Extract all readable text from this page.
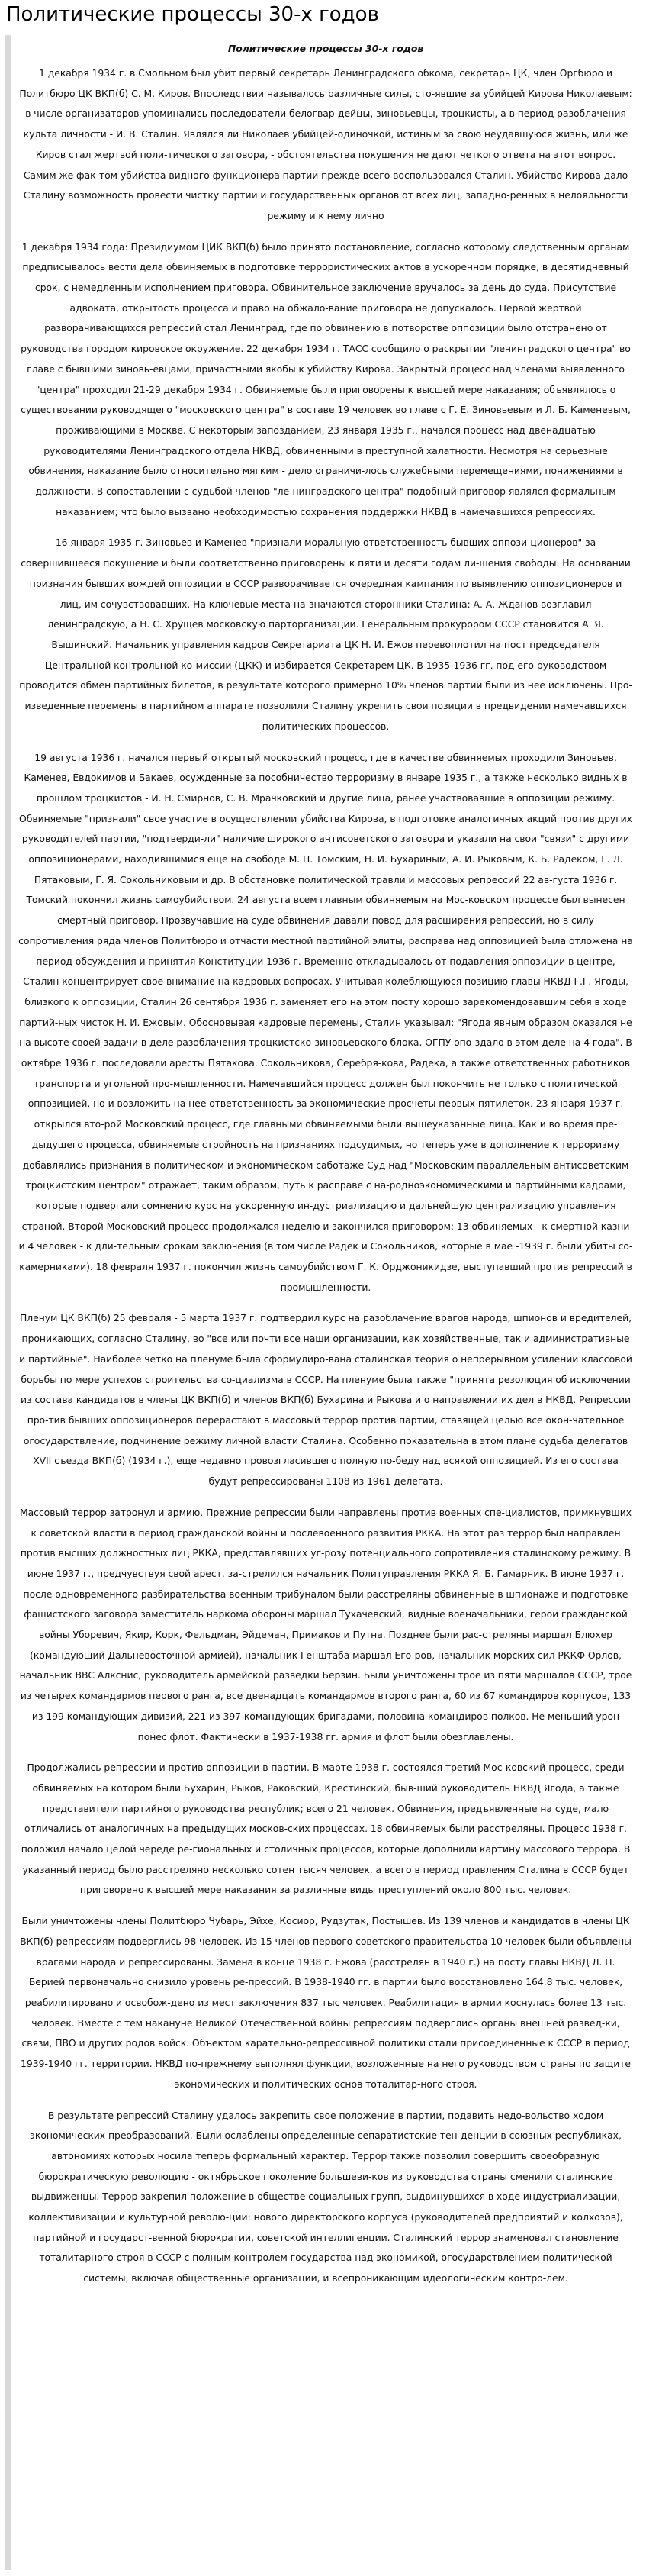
Политические процессы 30-х годов

Политические процессы 30-х годов

1 декабря 1934 г. в Смольном был убит первый секретарь Ленинградского обкома, секретарь ЦК, член Оргбюро и Политбюро ЦК ВКП(б) С. М. Киров. Впоследствии называлось различные силы, сто-явшие за убийцей Кирова Николаевым: в числе организаторов упоминались последователи белогвар-дейцы, зиновьевцы, троцкисты, а в период разоблачения культа личности - И. В. Сталин. Являлся ли Николаев убийцей-одиночкой, истиным за свою неудавшуюся жизнь, или же Киров стал жертвой поли-тического заговора, - обстоятельства покушения не дают четкого ответа на этот вопрос. Самим же фак-том убийства видного функционера партии прежде всего воспользовался Сталин. Убийство Кирова дало Сталину возможность провести чистку партии и государственных органов от всех лиц, западно-ренных в нелояльности режиму и к нему лично

1 декабря 1934 года: Президиумом ЦИК ВКП(б) было принято постановление, согласно которому следственным органам предписывалось вести дела обвиняемых в подготовке террористических актов в ускоренном порядке, в десятидневный срок, с немедленным исполнением приговора. Обвинительное заключение вручалось за день до суда. Присутствие адвоката, открытость процесса и право на обжало-вание приговора не допускалось. Первой жертвой разворачивающихся репрессий стал Ленинград, где по обвинению в потворстве оппозиции было отстранено от руководства городом кировское окружение. 22 декабря 1934 г. ТАСС сообщило о раскрытии "ленинградского центра" во главе с бывшими зиновь-евцами, причастными якобы к убийству Кирова. Закрытый процесс над членами выявленного "центра" проходил 21-29 декабря 1934 г. Обвиняемые были приговорены к высшей мере наказания; объявлялось о существовании руководящего "московского центра" в составе 19 человек во главе с Г. Е. Зиновьевым и Л. Б. Каменевым, проживающими в Москве. С некоторым запозданием, 23 января 1935 г., начался процесс над двенадцатью руководителями Ленинградского отдела НКВД, обвиненными в преступной халатности. Несмотря на серьезные обвинения, наказание было относительно мягким - дело ограничи-лось служебными перемещениями, понижениями в должности. В сопоставлении с судьбой членов "ле-нинградского центра" подобный приговор являлся формальным наказанием; что было вызвано необходимостью сохранения поддержки НКВД в намечавшихся репрессиях.

16 января 1935 г. Зиновьев и Каменев "признали моральную ответственность бывших оппози-ционеров" за совершившееся покушение и были соответственно приговорены к пяти и десяти годам ли-шения свободы. На основании признания бывших вождей оппозиции в СССР разворачивается очередная кампания по выявлению оппозиционеров и лиц, им сочувствовавших. На ключевые места на-значаются сторонники Сталина: А. А. Жданов возглавил ленинградскую, а Н. С. Хрущев московскую парторганизации. Генеральным прокурором СССР становится А. Я. Вышинский. Начальник управления кадров Секретариата ЦК Н. И. Ежов перевоплотил на пост председателя Центральной контрольной ко-миссии (ЦКК) и избирается Секретарем ЦК. В 1935-1936 гг. под его руководством проводится обмен партийных билетов, в результате которого примерно 10% членов партии были из нее исключены. Про-изведенные перемены в партийном аппарате позволили Сталину укрепить свои позиции в предвидении намечавшихся политических процессов.

19 августа 1936 г. начался первый открытый московский процесс, где в качестве обвиняемых проходили Зиновьев, Каменев, Евдокимов и Бакаев, осужденные за пособничество терроризму в январе 1935 г., а также несколько видных в прошлом троцкистов - И. Н. Смирнов, С. В. Мрачковский и другие лица, ранее участвовавшие в оппозиции режиму. Обвиняемые "признали" свое участие в осуществлении убийства Кирова, в подготовке аналогичных акций против других руководителей партии, "подтверди-ли" наличие широкого антисоветского заговора и указали на свои "связи" с другими оппозиционерами, находившимися еще на свободе М. П. Томским, Н. И. Бухариным, А. И. Рыковым, К. Б. Радеком, Г. Л. Пятаковым, Г. Я. Сокольниковым и др. В обстановке политической травли и массовых репрессий 22 ав-густа 1936 г. Томский покончил жизнь самоубийством. 24 августа всем главным обвиняемым на Мос-ковском процессе был вынесен смертный приговор. Прозвучавшие на суде обвинения давали повод для расширения репрессий, но в силу сопротивления ряда членов Политбюро и отчасти местной партийной элиты, расправа над оппозицией была отложена на период обсуждения и принятия Конституции 1936 г. Временно откладывалось от подавления оппозиции в центре, Сталин концентрирует свое внимание на кадровых вопросах. Учитывая колеблющуюся позицию главы НКВД Г.Г. Ягоды, близкого к оппозиции, Сталин 26 сентября 1936 г. заменяет его на этом посту хорошо зарекомендовавшим себя в ходе партий-ных чисток Н. И. Ежовым. Обосновывая кадровые перемены, Сталин указывал: "Ягода явным образом оказался не на высоте своей задачи в деле разоблачения троцкистско-зиновьевского блока. ОГПУ опо-здало в этом деле на 4 года". В октябре 1936 г. последовали аресты Пятакова, Сокольникова, Серебря-кова, Радека, а также ответственных работников транспорта и угольной про-мышленности. Намечавшийся процесс должен был покончить не только с политической оппозицией, но и возложить на нее ответственность за экономические просчеты первых пятилеток. 23 января 1937 г. открылся вто-рой Московский процесс, где главными обвиняемыми были вышеуказанные лица. Как и во время пре-дыдущего процесса, обвиняемые стройность на признаниях подсудимых, но теперь уже в дополнение к терроризму добавлялись признания в политическом и экономическом саботаже Суд над "Московским параллельным антисоветским троцкистским центром" отражает, таким образом, путь к расправе с на-родноэкономическими и партийными кадрами, которые подвергали сомнению курс на ускоренную ин-дустриализацию и дальнейшую централизацию управления страной. Второй Московский процесс продолжался неделю и закончился приговором: 13 обвиняемых - к смертной казни и 4 человек - к дли-тельным срокам заключения (в том числе Радек и Сокольников, которые в мае -1939 г. были убиты со-камерниками). 18 февраля 1937 г. покончил жизнь самоубийством Г. К. Орджоникидзе, выступавший против репрессий в промышленности.

Пленум ЦК ВКП(б) 25 февраля - 5 марта 1937 г. подтвердил курс на разоблачение врагов народа, шпионов и вредителей, проникающих, согласно Сталину, во "все или почти все наши организации, как хозяйственные, так и административные и партийные". Наиболее четко на пленуме была сформулиро-вана сталинская теория о непрерывном усилении классовой борьбы по мере успехов строительства со-циализма в СССР. На пленуме была также "принята резолюция об исключении из состава кандидатов в члены ЦК ВКП(б) и членов ВКП(б) Бухарина и Рыкова и о направлении их дел в НКВД. Репрессии про-тив бывших оппозиционеров перерастают в массовый террор против партии, ставящей целью все окон-чательное огосударствление, подчинение режиму личной власти Сталина. Особенно показательна в этом плане судьба делегатов XVII съезда ВКП(б) (1934 г.), еще недавно провозгласившего полную по-беду над всякой оппозицией. Из его состава будут репрессированы 1108 из 1961 делегата.

Массовый террор затронул и армию. Прежние репрессии были направлены против военных спе-циалистов, примкнувших к советской власти в период гражданской войны и послевоенного развития РККА. На этот раз террор был направлен против высших должностных лиц РККА, представлявших уг-розу потенциального сопротивления сталинскому режиму. В июне 1937 г., предчувствуя свой арест, за-стрелился начальник Политуправления РККА Я. Б. Гамарник. В июне 1937 г. после одновременного разбирательства военным трибуналом были расстреляны обвиненные в шпионаже и подготовке фашистского заговора заместитель наркома обороны маршал Тухачевский, видные военачальники, герои гражданской войны Уборевич, Якир, Корк, Фельдман, Эйдеман, Примаков и Путна. Позднее были рас-стреляны маршал Блюхер (командующий Дальневосточной армией), начальник Генштаба маршал Его-ров, начальник морских сил РККФ Орлов, начальник ВВС Алкснис, руководитель армейской разведки Берзин. Были уничтожены трое из пяти маршалов СССР, трое из четырех командармов первого ранга, все двенадцать командармов второго ранга, 60 из 67 командиров корпусов, 133 из 199 командующих дивизий, 221 из 397 командующих бригадами, половина командиров полков. Не меньший урон понес флот. Фактически в 1937-1938 гг. армия и флот были обезглавлены.

Продолжались репрессии и против оппозиции в партии. В марте 1938 г. состоялся третий Мос-ковский процесс, среди обвиняемых на котором были Бухарин, Рыков, Раковский, Крестинский, быв-ший руководитель НКВД Ягода, а также представители партийного руководства республик; всего 21 человек. Обвинения, предъявленные на суде, мало отличались от аналогичных на предыдущих москов-ских процессах. 18 обвиняемых были расстреляны. Процесс 1938 г. положил начало целой череде ре-гиональных и столичных процессов, которые дополнили картину массового террора. В указанный период было расстреляно несколько сотен тысяч человек, а всего в период правления Сталина в СССР будет приговорено к высшей мере наказания за различные виды преступлений около 800 тыс. человек.

Были уничтожены члены Политбюро Чубарь, Эйхе, Косиор, Рудзутак, Постышев. Из 139 членов и кандидатов в члены ЦК ВКП(б) репрессиям подверглись 98 человек. Из 15 членов первого советского правительства 10 человек были объявлены врагами народа и репрессированы. Замена в конце 1938 г. Ежова (расстрелян в 1940 г.) на посту главы НКВД Л. П. Берией первоначально снизило уровень ре-прессий. В 1938-1940 гг. в партии было восстановлено 164.8 тыс. человек, реабилитировано и освобож-дено из мест заключения 837 тыс человек. Реабилитация в армии коснулась более 13 тыс. человек. Вместе с тем накануне Великой Отечественной войны репрессиям подверглись органы внешней развед-ки, связи, ПВО и других родов войск. Объектом карательно-репрессивной политики стали присоединенные к СССР в период 1939-1940 гг. территории. НКВД по-прежнему выполнял функции, возложенные на него руководством страны по защите экономических и политических основ тоталитар-ного строя.

В результате репрессий Сталину удалось закрепить свое положение в партии, подавить недо-вольство ходом экономических преобразований. Были ослаблены определенные сепаратистские тен-денции в союзных республиках, автономиях которых носила теперь формальный характер. Террор также позволил совершить своеобразную бюрократическую революцию - октябрьское поколение большеви-ков из руководства страны сменили сталинские выдвиженцы. Террор закрепил положение в обществе социальных групп, выдвинувшихся в ходе индустриализации, коллективизации и культурной револю-ции: нового директорского корпуса (руководителей предприятий и колхозов), партийной и государст-венной бюрократии, советской интеллигенции. Сталинский террор знаменовал становление тоталитарного строя в СССР с полным контролем государства над экономикой, огосударствлением политической системы, включая общественные организации, и всепроникающим идеологическим контро-лем.
